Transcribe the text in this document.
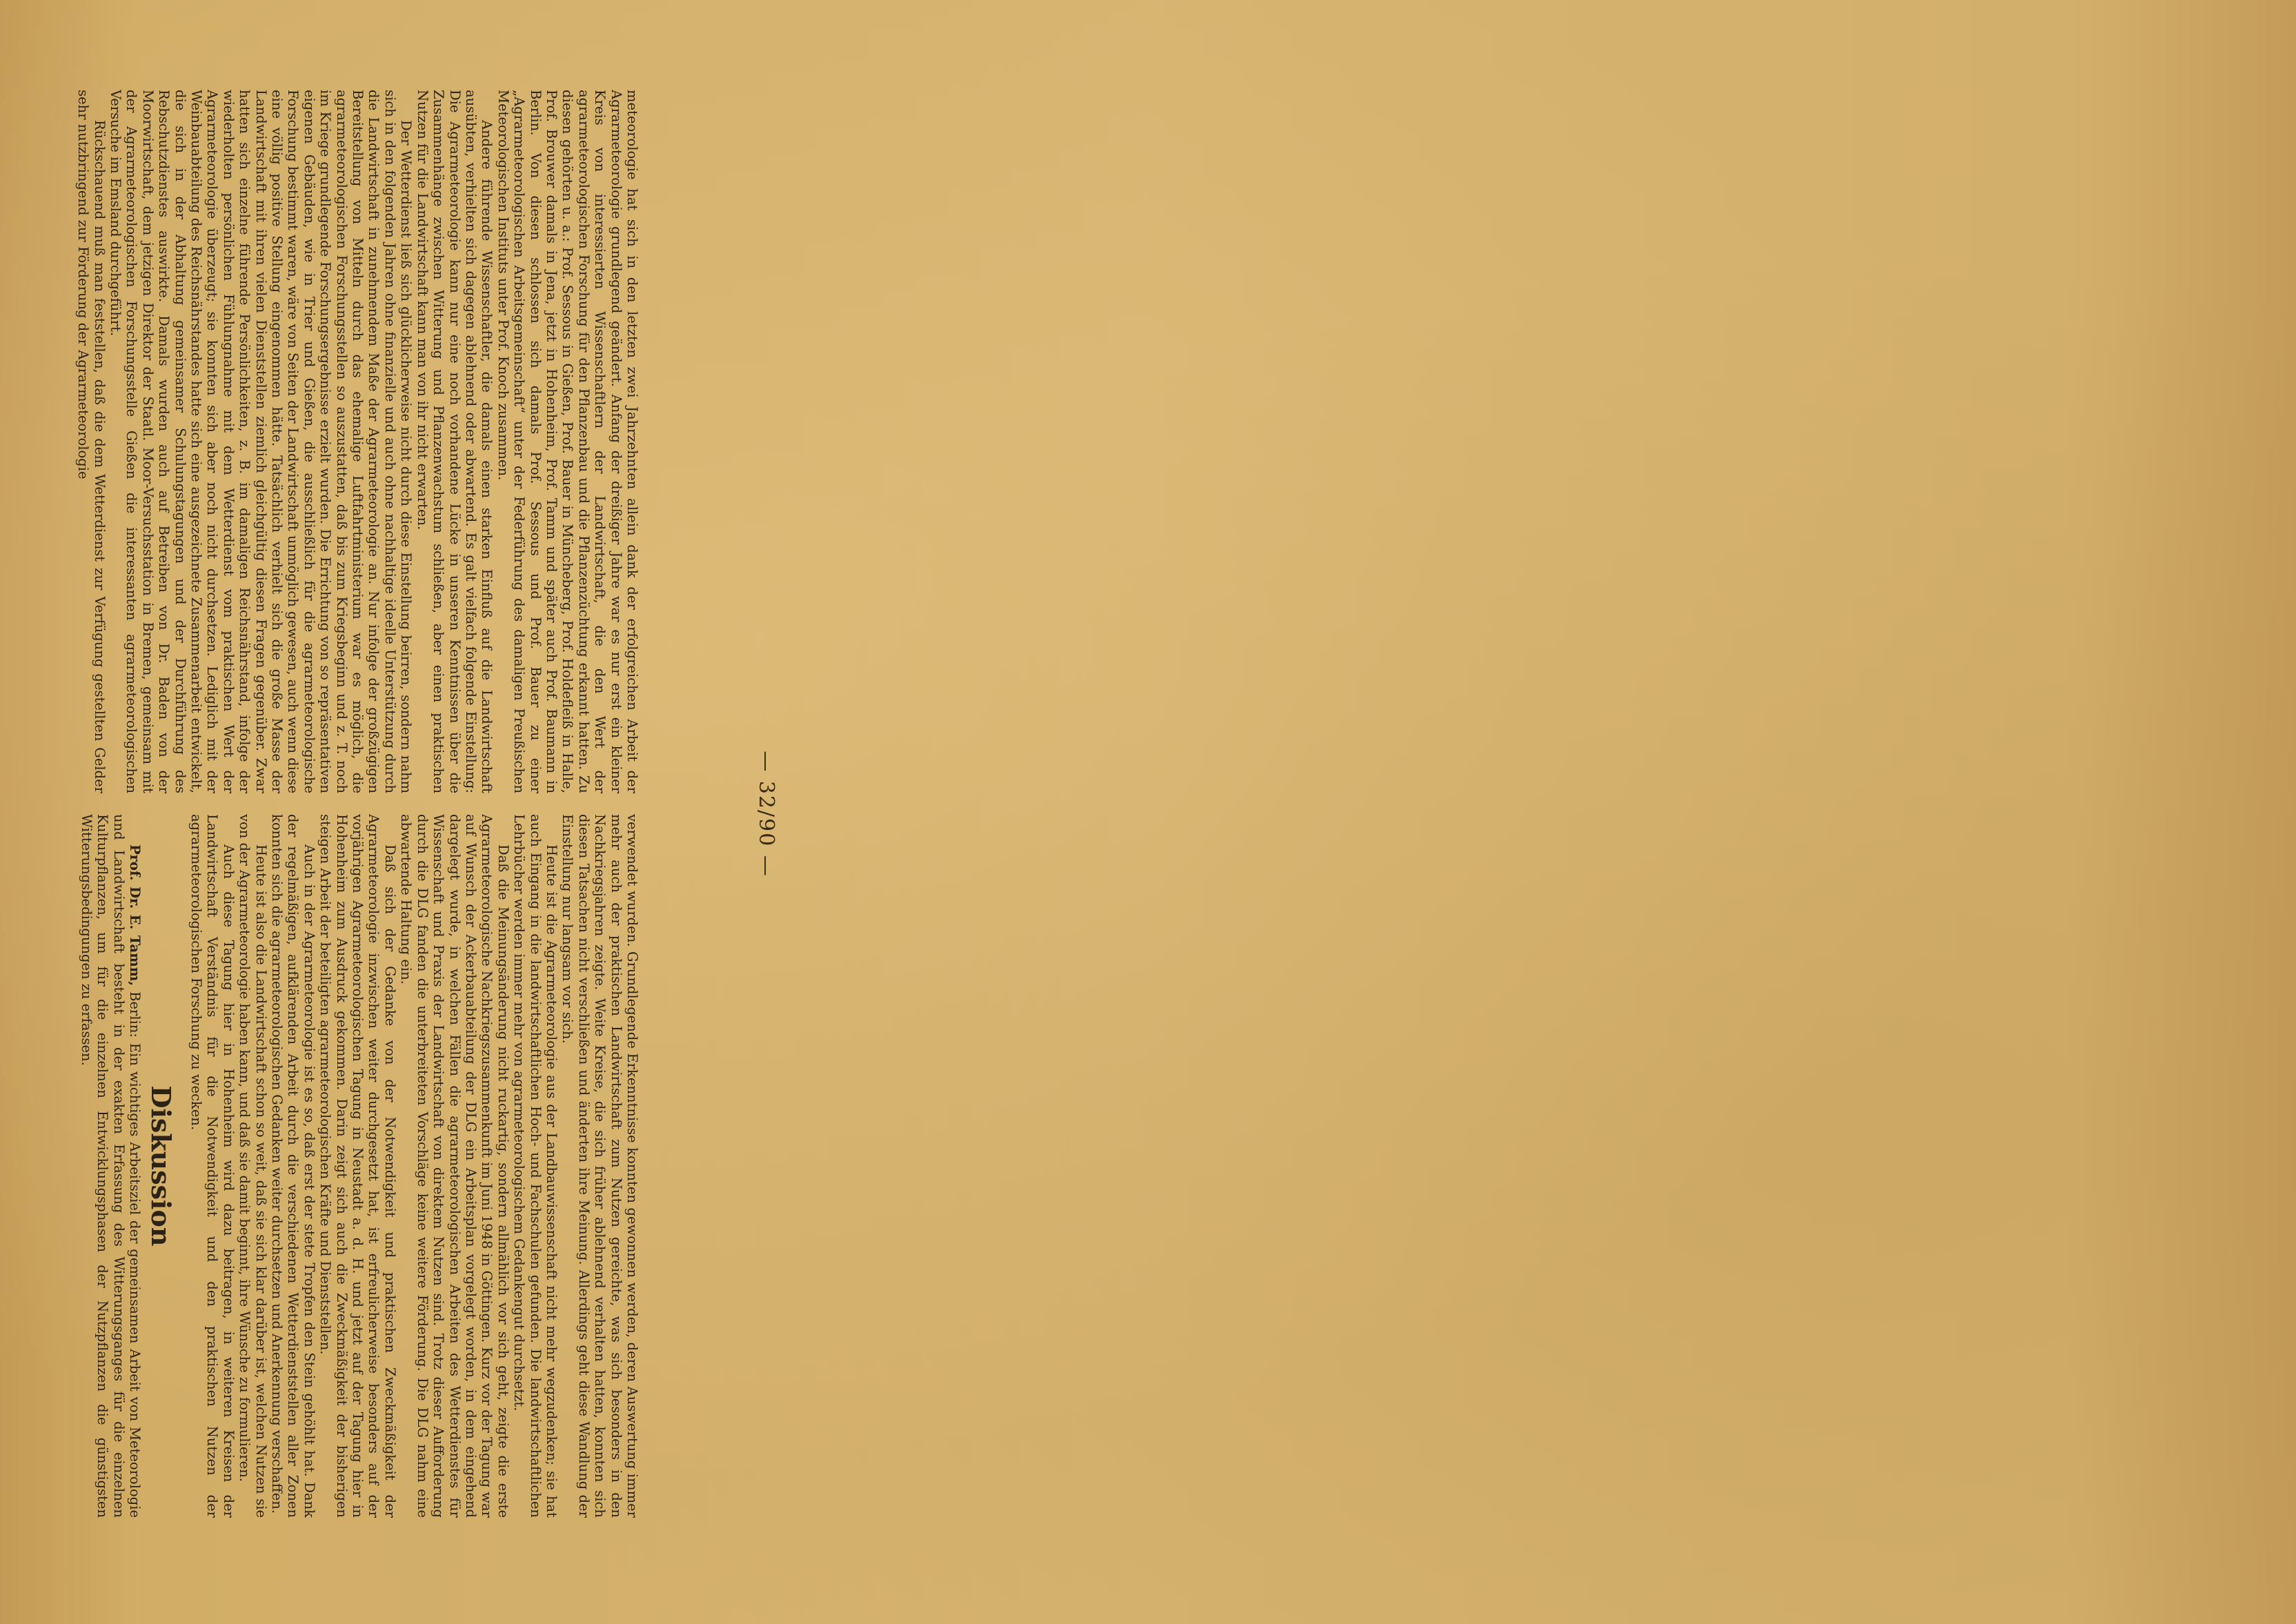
— 32/90 —

meteorologie hat sich in den letzten zwei Jahrzehnten allein dank der erfolgreichen Arbeit der Agrarmeteorologie grundlegend geändert. Anfang der dreißiger Jahre war es nur erst ein kleiner Kreis von interessierten Wissenschaftlern der Landwirtschaft, die den Wert der agrarmeteorologischen Forschung für den Pflanzenbau und die Pflanzenzüchtung erkannt hatten. Zu diesen gehörten u. a.: Prof. Sessous in Gießen, Prof. Bauer in Müncheberg, Prof. Holdefleiß in Halle, Prof. Brouwer damals in Jena, jetzt in Hohenheim, Prof. Tamm und später auch Prof. Baumann in Berlin. Von diesen schlossen sich damals Prof. Sessous und Prof. Bauer zu einer „Agrarmeteorologischen Arbeitsgemeinschaft“ unter der Federführung des damaligen Preußischen Meteorologischen Instituts unter Prof. Knoch zusammen.

Andere führende Wissenschaftler, die damals einen starken Einfluß auf die Landwirtschaft ausübten, verhielten sich dagegen ablehnend oder abwartend. Es galt vielfach folgende Einstellung: Die Agrarmeteorologie kann nur eine noch vorhandene Lücke in unseren Kenntnissen über die Zusammenhänge zwischen Witterung und Pflanzenwachstum schließen, aber einen praktischen Nutzen für die Landwirtschaft kann man von ihr nicht erwarten.

Der Wetterdienst ließ sich glücklicherweise nicht durch diese Einstellung beirren, sondern nahm sich in den folgenden Jahren ohne finanzielle und auch ohne nachhaltige ideelle Unterstützung durch die Landwirtschaft in zunehmendem Maße der Agrarmeteorologie an. Nur infolge der großzügigen Bereitstellung von Mitteln durch das ehemalige Luftfahrtministerium war es möglich, die agrarmeteorologischen Forschungsstellen so auszustatten, daß bis zum Kriegsbeginn und z. T. noch im Kriege grundlegende Forschungsergebnisse erzielt wurden. Die Errichtung von so repräsentativen eigenen Gebäuden, wie in Trier und Gießen, die ausschließlich für die agrarmeteorologische Forschung bestimmt waren, wäre von Seiten der Landwirtschaft unmöglich gewesen, auch wenn diese eine völlig positive Stellung eingenommen hätte. Tatsächlich verhielt sich die große Masse der Landwirtschaft mit ihren vielen Dienststellen ziemlich gleichgültig diesen Fragen gegenüber. Zwar hatten sich einzelne führende Persönlichkeiten, z. B. im damaligen Reichsnährstand, infolge der wiederholten persönlichen Fühlungnahme mit dem Wetterdienst vom praktischen Wert der Agrarmeteorologie überzeugt; sie konnten sich aber noch nicht durchsetzen. Lediglich mit der Weinbauabteilung des Reichsnährstandes hatte sich eine ausgezeichnete Zusammenarbeit entwickelt, die sich in der Abhaltung gemeinsamer Schulungstagungen und der Durchführung des Rebschutzdienstes auswirkte. Damals wurden auch auf Betreiben von Dr. Baden von der Moorwirtschaft, dem jetzigen Direktor der Staatl. Moor-Versuchsstation in Bremen, gemeinsam mit der Agrarmeteorologischen Forschungsstelle Gießen die interessanten agrarmeteorologischen Versuche im Emsland durchgeführt.

Rückschauend muß man feststellen, daß die dem Wetterdienst zur Verfügung gestellten Gelder sehr nutzbringend zur Förderung der Agrarmeteorologie

verwendet wurden. Grundlegende Erkenntnisse konnten gewonnen werden, deren Auswertung immer mehr auch der praktischen Landwirtschaft zum Nutzen gereichte, was sich besonders in den Nachkriegsjahren zeigte. Weite Kreise, die sich früher ablehnend verhalten hatten, konnten sich diesen Tatsachen nicht verschließen und änderten ihre Meinung. Allerdings geht diese Wandlung der Einstellung nur langsam vor sich.

Heute ist die Agrarmeteorologie aus der Landbauwissenschaft nicht mehr wegzudenken; sie hat auch Eingang in die landwirtschaftlichen Hoch- und Fachschulen gefunden. Die landwirtschaftlichen Lehrbücher werden immer mehr von agrarmeteorologischem Gedankengut durchsetzt.

Daß die Meinungsänderung nicht ruckartig, sondern allmählich vor sich geht, zeigte die erste Agrarmeteorologische Nachkriegszusammenkunft im Juni 1948 in Göttingen. Kurz vor der Tagung war auf Wunsch der Ackerbauabteilung der DLG ein Arbeitsplan vorgelegt worden, in dem eingehend dargelegt wurde, in welchen Fällen die agrarmeteorologischen Arbeiten des Wetterdienstes für Wissenschaft und Praxis der Landwirtschaft von direktem Nutzen sind. Trotz dieser Aufforderung durch die DLG fanden die unterbreiteten Vorschläge keine weitere Förderung. Die DLG nahm eine abwartende Haltung ein.

Daß sich der Gedanke von der Notwendigkeit und praktischen Zweckmäßigkeit der Agrarmeteorologie inzwischen weiter durchgesetzt hat, ist erfreulicherweise besonders auf der vorjährigen Agrarmeteorologischen Tagung in Neustadt a. d. H. und jetzt auf der Tagung hier in Hohenheim zum Ausdruck gekommen. Darin zeigt sich auch die Zweckmäßigkeit der bisherigen steigen Arbeit der beteiligten agrarmeteorologischen Kräfte und Dienststellen.

Auch in der Agrarmeteorologie ist es so, daß erst der stete Tropfen den Stein gehöhlt hat. Dank der regelmäßigen, aufklärenden Arbeit durch die verschiedenen Wetterdienststellen aller Zonen konnten sich die agrarmeteorologischen Gedanken weiter durchsetzen und Anerkennung verschaffen.

Heute ist also die Landwirtschaft schon so weit, daß sie sich klar darüber ist, welchen Nutzen sie von der Agrarmeteorologie haben kann, und daß sie damit beginnt, ihre Wünsche zu formulieren.

Auch diese Tagung hier in Hohenheim wird dazu beitragen, in weiteren Kreisen der Landwirtschaft Verständnis für die Notwendigkeit und den praktischen Nutzen der agrarmeteorologischen Forschung zu wecken.

Diskussion

Prof. Dr. E. Tamm, Berlin: Ein wichtiges Arbeitsziel der gemeinsamen Arbeit von Meteorologie und Landwirtschaft besteht in der exakten Erfassung des Witterungsganges für die einzelnen Kulturpflanzen, um für die einzelnen Entwicklungsphasen der Nutzpflanzen die günstigsten Witterungsbedingungen zu erfassen.
